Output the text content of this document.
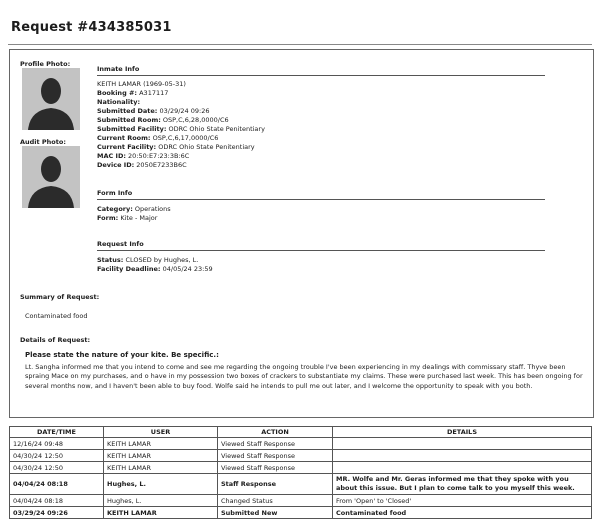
Request #434385031
Profile Photo:
Audit Photo:
Inmate Info
KEITH LAMAR (1969-05-31)
Booking #: A317117
Nationality:
Submitted Date: 03/29/24 09:26
Submitted Room: OSP,C,6,28,0000/C6
Submitted Facility: ODRC Ohio State Penitentiary
Current Room: OSP,C,6,17,0000/C6
Current Facility: ODRC Ohio State Penitentiary
MAC ID: 20:50:E7:23:3B:6C
Device ID: 2050E7233B6C
Form Info
Category: Operations
Form: Kite - Major
Request Info
Status: CLOSED by Hughes, L.
Facility Deadline: 04/05/24 23:59
Summary of Request:
Contaminated food
Details of Request:
Please state the nature of your kite. Be specific.:
Lt. Sangha informed me that you intend to come and see me regarding the ongoing trouble I've been experiencing in my dealings with commissary staff. Thyve been spraing Mace on my purchases, and o have in my possession two boxes of crackers to substantiate my claims. These were purchased last week. This has been ongoing for several months now, and I haven't been able to buy food. Wolfe said he intends to pull me out later, and I welcome the opportunity to speak with you both.
DATE/TIME	USER	ACTION	DETAILS
12/16/24 09:48	KEITH LAMAR	Viewed Staff Response	
04/30/24 12:50	KEITH LAMAR	Viewed Staff Response	
04/30/24 12:50	KEITH LAMAR	Viewed Staff Response	
04/04/24 08:18	Hughes, L.	Staff Response	MR. Wolfe and Mr. Geras informed me that they spoke with you about this issue. But I plan to come talk to you myself this week.
04/04/24 08:18	Hughes, L.	Changed Status	From 'Open' to 'Closed'
03/29/24 09:26	KEITH LAMAR	Submitted New	Contaminated food
